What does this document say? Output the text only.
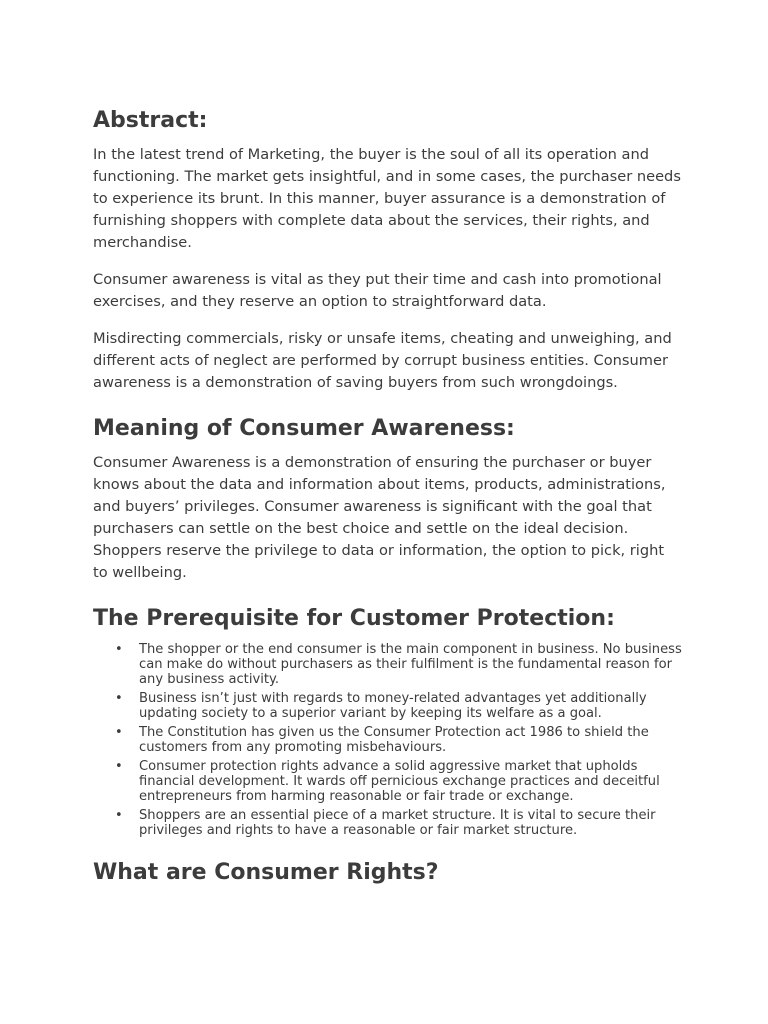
Abstract:

In the latest trend of Marketing, the buyer is the soul of all its operation and functioning. The market gets insightful, and in some cases, the purchaser needs to experience its brunt. In this manner, buyer assurance is a demonstration of furnishing shoppers with complete data about the services, their rights, and merchandise.

Consumer awareness is vital as they put their time and cash into promotional exercises, and they reserve an option to straightforward data.

Misdirecting commercials, risky or unsafe items, cheating and unweighing, and different acts of neglect are performed by corrupt business entities. Consumer awareness is a demonstration of saving buyers from such wrongdoings.

Meaning of Consumer Awareness:

Consumer Awareness is a demonstration of ensuring the purchaser or buyer knows about the data and information about items, products, administrations, and buyers’ privileges. Consumer awareness is significant with the goal that purchasers can settle on the best choice and settle on the ideal decision. Shoppers reserve the privilege to data or information, the option to pick, right to wellbeing.

The Prerequisite for Customer Protection:
• The shopper or the end consumer is the main component in business. No business can make do without purchasers as their fulfilment is the fundamental reason for any business activity.
• Business isn’t just with regards to money-related advantages yet additionally updating society to a superior variant by keeping its welfare as a goal.
• The Constitution has given us the Consumer Protection act 1986 to shield the customers from any promoting misbehaviours.
• Consumer protection rights advance a solid aggressive market that upholds financial development. It wards off pernicious exchange practices and deceitful entrepreneurs from harming reasonable or fair trade or exchange.
• Shoppers are an essential piece of a market structure. It is vital to secure their privileges and rights to have a reasonable or fair market structure.
What are Consumer Rights?
